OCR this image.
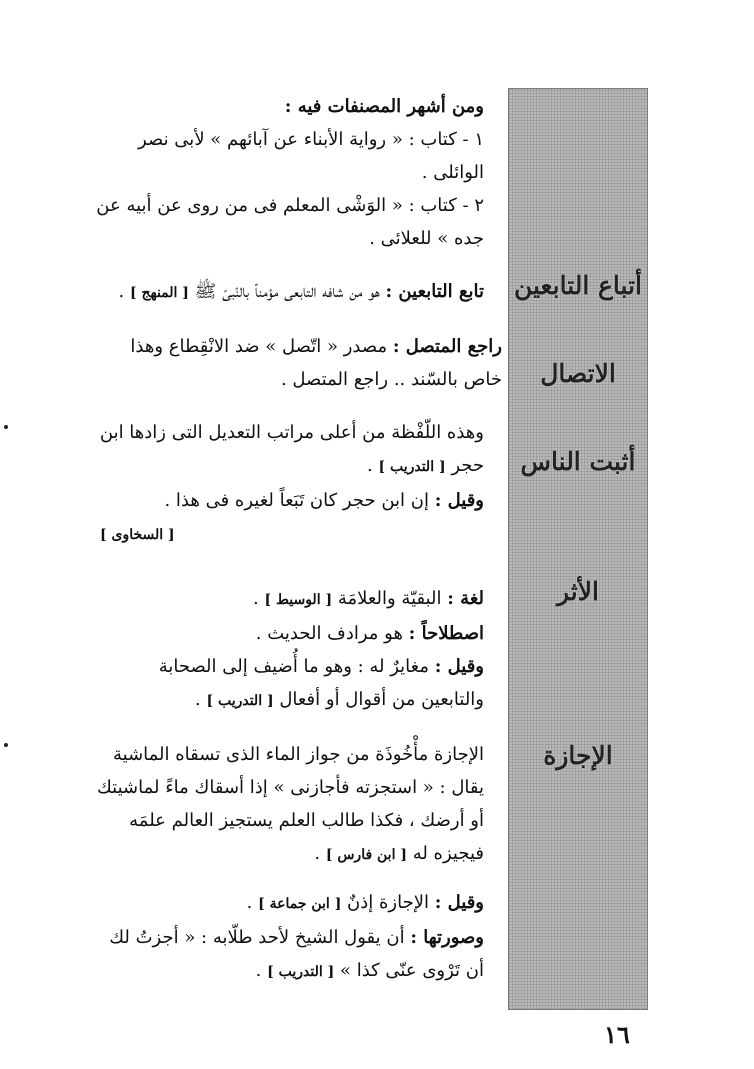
ومن أشهر المصنفات فيه :

١ - كتاب : « رواية الأبناء عن آبائهم » لأبى نصر الوائلى .

٢ - كتاب : « الوَشْى المعلم فى من روى عن أبيه عن جده » للعلائى .

تابع التابعين : هو من شافه التابعى مؤمناً بالنّبىّ ﷺ [ المنهج ] .

راجع المتصل : مصدر « اتّصل » ضد الانْقِطاع وهذا خاص بالسّند .. راجع المتصل .

وهذه اللّفْظة من أعلى مراتب التعديل التى زادها ابن حجر [ التدريب ] .

وقيل : إن ابن حجر كان تَبَعاً لغيره فى هذا .

[ السخاوى ]

لغة : البقيّة والعلامَة [ الوسيط ] .

اصطلاحاً : هو مرادف الحديث .

وقيل : مغايرٌ له : وهو ما أُضيف إلى الصحابة والتابعين من أقوال أو أفعال [ التدريب ] .

الإجازة مأْخُوذَة من جواز الماء الذى تسقاه الماشية يقال : « استجزته فأجازنى » إذا أسقاك ماءً لماشيتك أو أرضك ، فكذا طالب العلم يستجيز العالم علمَه فيجيزه له [ ابن فارس ] .

وقيل : الإجازة إذنٌ [ ابن جماعة ] .

وصورتها : أن يقول الشيخ لأحد طلّابه : « أجزتُ لك أن تَرْوى عنّى كذا » [ التدريب ] .

أتباع التابعين
الاتصال
أثبت الناس
الأثر
الإجازة
١٦
